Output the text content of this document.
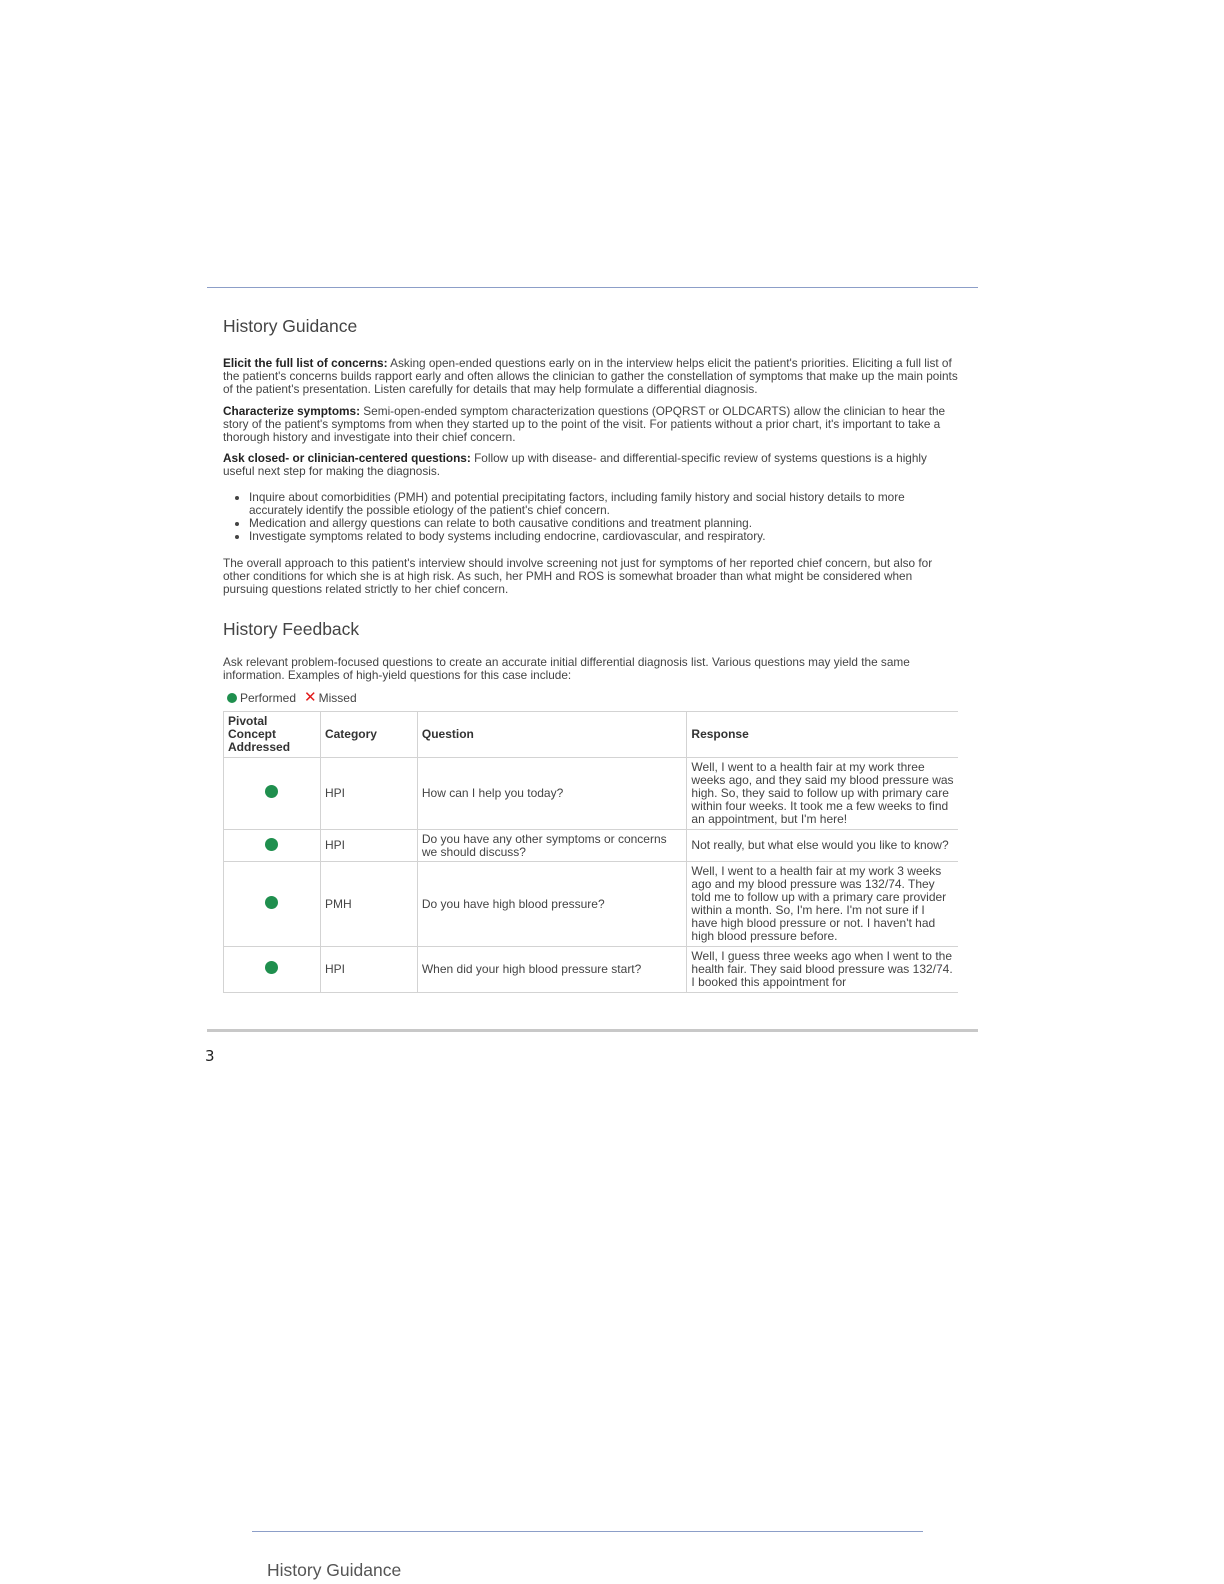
History Guidance

Elicit the full list of concerns: Asking open-ended questions early on in the interview helps elicit the patient's priorities. Eliciting a full list of the patient's concerns builds rapport early and often allows the clinician to gather the constellation of symptoms that make up the main points of the patient's presentation. Listen carefully for details that may help formulate a differential diagnosis.

Characterize symptoms: Semi-open-ended symptom characterization questions (OPQRST or OLDCARTS) allow the clinician to hear the story of the patient's symptoms from when they started up to the point of the visit. For patients without a prior chart, it's important to take a thorough history and investigate into their chief concern.

Ask closed- or clinician-centered questions: Follow up with disease- and differential-specific review of systems questions is a highly useful next step for making the diagnosis.

• Inquire about comorbidities (PMH) and potential precipitating factors, including family history and social history details to more accurately identify the possible etiology of the patient's chief concern.
• Medication and allergy questions can relate to both causative conditions and treatment planning.
• Investigate symptoms related to body systems including endocrine, cardiovascular, and respiratory.

The overall approach to this patient's interview should involve screening not just for symptoms of her reported chief concern, but also for other conditions for which she is at high risk. As such, her PMH and ROS is somewhat broader than what might be considered when pursuing questions related strictly to her chief concern.

History Feedback

Ask relevant problem-focused questions to create an accurate initial differential diagnosis list. Various questions may yield the same information. Examples of high-yield questions for this case include:

Performed ✕ Missed
Pivotal Concept Addressed	Category	Question	Response
	HPI	How can I help you today?	Well, I went to a health fair at my work three weeks ago, and they said my blood pressure was high. So, they said to follow up with primary care within four weeks. It took me a few weeks to find an appointment, but I'm here!
	HPI	Do you have any other symptoms or concerns we should discuss?	Not really, but what else would you like to know?
	PMH	Do you have high blood pressure?	Well, I went to a health fair at my work 3 weeks ago and my blood pressure was 132/74. They told me to follow up with a primary care provider within a month. So, I'm here. I'm not sure if I have high blood pressure or not. I haven't had high blood pressure before.
	HPI	When did your high blood pressure start?	Well, I guess three weeks ago when I went to the health fair. They said blood pressure was 132/74. I booked this appointment for
3
History Guidance
